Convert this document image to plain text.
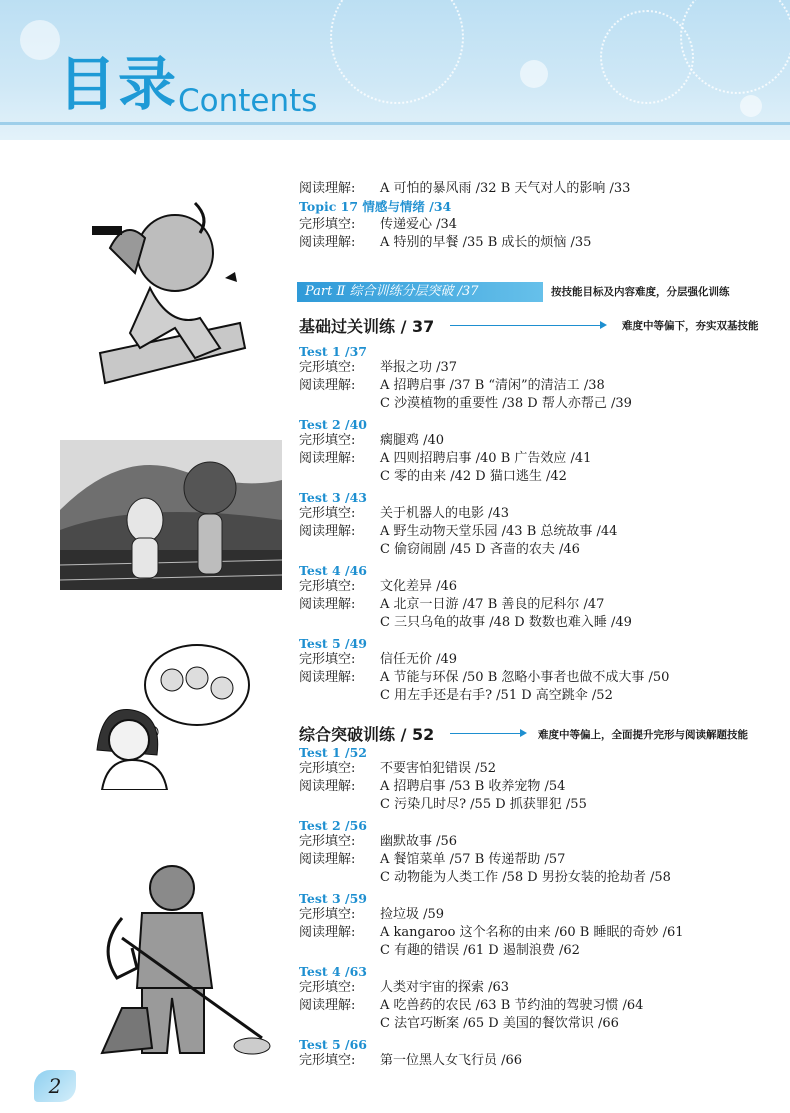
目录 Contents
阅读理解: A 可怕的暴风雨 /32 B 天气对人的影响 /33
Topic 17 情感与情绪 /34
完形填空: 传递爱心 /34
阅读理解: A 特别的早餐 /35 B 成长的烦恼 /35
Part Ⅱ 综合训练分层突破 /37	按技能目标及内容难度，分层强化训练
基础过关训练 / 37	难度中等偏下，夯实双基技能
Test 1 /37
完形填空: 举报之功 /37
阅读理解: A 招聘启事 /37 B “清闲”的清洁工 /38
C 沙漠植物的重要性 /38 D 帮人亦帮己 /39
Test 2 /40
完形填空: 瘸腿鸡 /40
阅读理解: A 四则招聘启事 /40 B 广告效应 /41
C 零的由来 /42 D 猫口逃生 /42
Test 3 /43
完形填空: 关于机器人的电影 /43
阅读理解: A 野生动物天堂乐园 /43 B 总统故事 /44
C 偷窃闹剧 /45 D 吝啬的农夫 /46
Test 4 /46
完形填空: 文化差异 /46
阅读理解: A 北京一日游 /47 B 善良的尼科尔 /47
C 三只乌龟的故事 /48 D 数数也难入睡 /49
Test 5 /49
完形填空: 信任无价 /49
阅读理解: A 节能与环保 /50 B 忽略小事者也做不成大事 /50
C 用左手还是右手? /51 D 高空跳伞 /52
综合突破训练 / 52	难度中等偏上，全面提升完形与阅读解题技能
Test 1 /52
完形填空: 不要害怕犯错误 /52
阅读理解: A 招聘启事 /53 B 收养宠物 /54
C 污染几时尽? /55 D 抓获罪犯 /55
Test 2 /56
完形填空: 幽默故事 /56
阅读理解: A 餐馆菜单 /57 B 传递帮助 /57
C 动物能为人类工作 /58 D 男扮女装的抢劫者 /58
Test 3 /59
完形填空: 捡垃圾 /59
阅读理解: A kangaroo 这个名称的由来 /60 B 睡眠的奇妙 /61
C 有趣的错误 /61 D 遏制浪费 /62
Test 4 /63
完形填空: 人类对宇宙的探索 /63
阅读理解: A 吃兽药的农民 /63 B 节约油的驾驶习惯 /64
C 法官巧断案 /65 D 美国的餐饮常识 /66
Test 5 /66
完形填空: 第一位黑人女飞行员 /66
2
